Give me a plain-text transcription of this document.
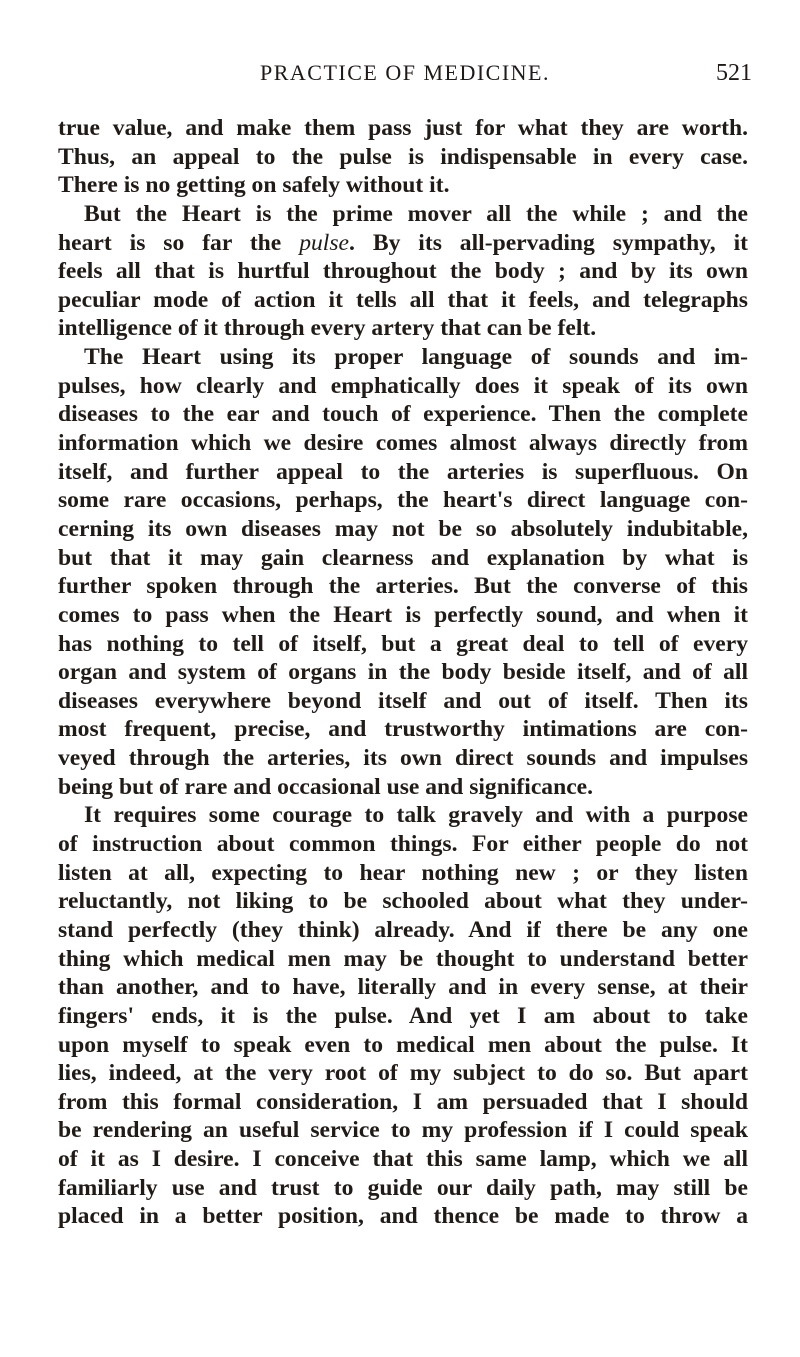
PRACTICE OF MEDICINE.	521
true value, and make them pass just for what they are worth.
Thus, an appeal to the pulse is indispensable in every case.
There is no getting on safely without it.
But the Heart is the prime mover all the while ; and the
heart is so far the pulse. By its all-pervading sympathy, it
feels all that is hurtful throughout the body ; and by its own
peculiar mode of action it tells all that it feels, and telegraphs
intelligence of it through every artery that can be felt.
The Heart using its proper language of sounds and im-
pulses, how clearly and emphatically does it speak of its own
diseases to the ear and touch of experience. Then the complete
information which we desire comes almost always directly from
itself, and further appeal to the arteries is superfluous. On
some rare occasions, perhaps, the heart's direct language con-
cerning its own diseases may not be so absolutely indubitable,
but that it may gain clearness and explanation by what is
further spoken through the arteries. But the converse of this
comes to pass when the Heart is perfectly sound, and when it
has nothing to tell of itself, but a great deal to tell of every
organ and system of organs in the body beside itself, and of all
diseases everywhere beyond itself and out of itself. Then its
most frequent, precise, and trustworthy intimations are con-
veyed through the arteries, its own direct sounds and impulses
being but of rare and occasional use and significance.
It requires some courage to talk gravely and with a purpose
of instruction about common things. For either people do not
listen at all, expecting to hear nothing new ; or they listen
reluctantly, not liking to be schooled about what they under-
stand perfectly (they think) already. And if there be any one
thing which medical men may be thought to understand better
than another, and to have, literally and in every sense, at their
fingers' ends, it is the pulse. And yet I am about to take
upon myself to speak even to medical men about the pulse. It
lies, indeed, at the very root of my subject to do so. But apart
from this formal consideration, I am persuaded that I should
be rendering an useful service to my profession if I could speak
of it as I desire. I conceive that this same lamp, which we all
familiarly use and trust to guide our daily path, may still be
placed in a better position, and thence be made to throw a
